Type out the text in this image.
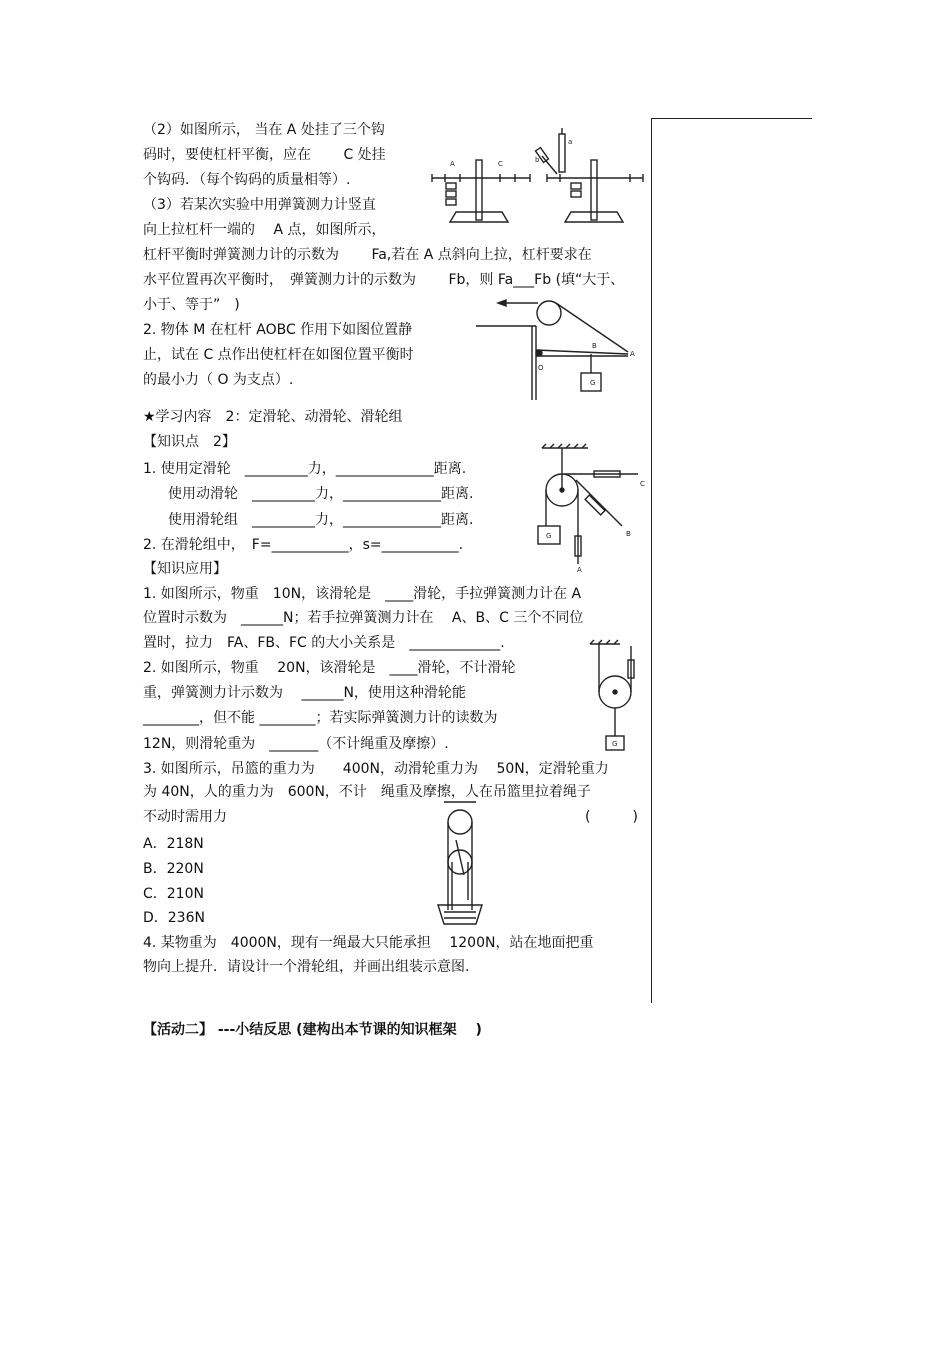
（2）如图所示， 当在 A 处挂了三个钩
码时，要使杠杆平衡，应在　　 C 处挂
个钩码．（每个钩码的质量相等）.
（3）若某次实验中用弹簧测力计竖直
向上拉杠杆一端的　 A 点，如图所示，
杠杆平衡时弹簧测力计的示数为　　 Fa,若在 A 点斜向上拉，杠杆要求在
水平位置再次平衡时，　弹簧测力计的示数为　　 Fb，则 Fa___Fb (填“大于、
小于、等于”　)
2. 物体 M 在杠杆 AOBC 作用下如图位置静
止，试在 C 点作出使杠杆在如图位置平衡时
的最小力（ O 为支点）.
A	C
a
b
G
B
A
O
★学习内容　2：定滑轮、动滑轮、滑轮组
【知识点　2】
1. 使用定滑轮　_________力，______________距离.
使用动滑轮　_________力，______________距离.
使用滑轮组　_________力，______________距离.
2. 在滑轮组中，　F=___________，s=___________.
【知识应用】
1. 如图所示，物重　10N，该滑轮是　____滑轮，手拉弹簧测力计在 A
位置时示数为　______N；若手拉弹簧测力计在　 A、B、C 三个不同位
置时，拉力　FA、FB、FC 的大小关系是　_____________.
2. 如图所示，物重　 20N，该滑轮是　____滑轮，不计滑轮
重，弹簧测力计示数为　 ______N，使用这种滑轮能
________，但不能 ________；若实际弹簧测力计的读数为
12N，则滑轮重为　_______（不计绳重及摩擦）.
3. 如图所示，吊篮的重力为　　400N，动滑轮重力为　 50N，定滑轮重力
为 40N，人的重力为　600N，不计　绳重及摩擦，人在吊篮里拉着绳子
不动时需用力	(　　　)
A．218N
B．220N
C．210N
D．236N
4. 某物重为　4000N，现有一绳最大只能承担　 1200N，站在地面把重
物向上提升．请设计一个滑轮组，并画出组装示意图.
G
A
B
C
G
【活动二】 ---小结反思 (建构出本节课的知识框架　 )
